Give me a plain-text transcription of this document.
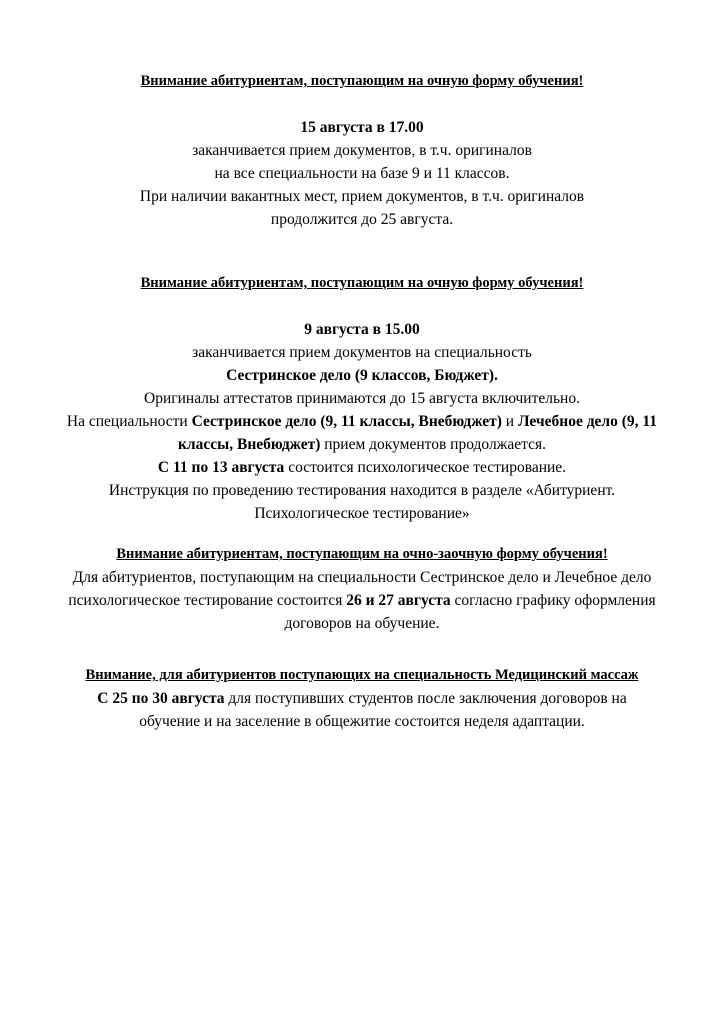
Внимание абитуриентам, поступающим на очную форму обучения!
15 августа в 17.00
заканчивается прием документов, в т.ч. оригиналов
на все специальности на базе 9 и 11 классов.
При наличии вакантных мест, прием документов, в т.ч. оригиналов
продолжится до 25 августа.
Внимание абитуриентам, поступающим на очную форму обучения!
9 августа в 15.00
заканчивается прием документов на специальность
Сестринское дело (9 классов, Бюджет).
Оригиналы аттестатов принимаются до 15 августа включительно.
На специальности Сестринское дело (9, 11 классы, Внебюджет) и Лечебное дело (9, 11
классы, Внебюджет) прием документов продолжается.
С 11 по 13 августа состоится психологическое тестирование.
Инструкция по проведению тестирования находится в разделе «Абитуриент.
Психологическое тестирование»
Внимание абитуриентам, поступающим на очно-заочную форму обучения!
Для абитуриентов, поступающим на специальности Сестринское дело и Лечебное дело
психологическое тестирование состоится 26 и 27 августа согласно графику оформления
договоров на обучение.
Внимание, для абитуриентов поступающих на специальность Медицинский массаж
С 25 по 30 августа для поступивших студентов после заключения договоров на
обучение и на заселение в общежитие состоится неделя адаптации.
